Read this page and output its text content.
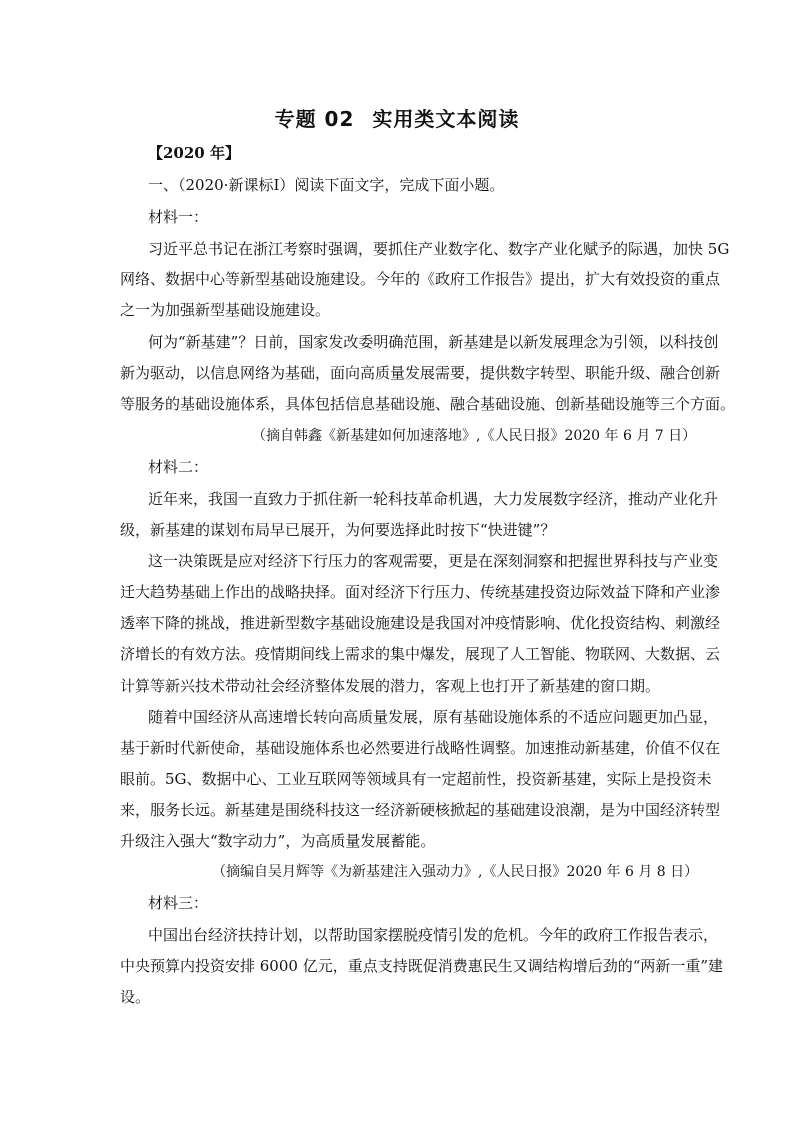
专题 02 实用类文本阅读
【2020 年】
一、（2020·新课标Ⅰ）阅读下面文字，完成下面小题。
材料一：
习近平总书记在浙江考察时强调，要抓住产业数字化、数字产业化赋予的际遇，加快 5G
网络、数据中心等新型基础设施建设。今年的《政府工作报告》提出，扩大有效投资的重点
之一为加强新型基础设施建设。
何为“新基建”？日前，国家发改委明确范围，新基建是以新发展理念为引领，以科技创
新为驱动，以信息网络为基础，面向高质量发展需要，提供数字转型、职能升级、融合创新
等服务的基础设施体系，具体包括信息基础设施、融合基础设施、创新基础设施等三个方面。
（摘自韩鑫《新基建如何加速落地》,《人民日报》2020 年 6 月 7 日）
材料二：
近年来，我国一直致力于抓住新一轮科技革命机遇，大力发展数字经济，推动产业化升
级，新基建的谋划布局早已展开，为何要选择此时按下“快进键”？
这一决策既是应对经济下行压力的客观需要，更是在深刻洞察和把握世界科技与产业变
迁大趋势基础上作出的战略抉择。面对经济下行压力、传统基建投资边际效益下降和产业渗
透率下降的挑战，推进新型数字基础设施建设是我国对冲疫情影响、优化投资结构、刺激经
济增长的有效方法。疫情期间线上需求的集中爆发，展现了人工智能、物联网、大数据、云
计算等新兴技术带动社会经济整体发展的潜力，客观上也打开了新基建的窗口期。
随着中国经济从高速增长转向高质量发展，原有基础设施体系的不适应问题更加凸显，
基于新时代新使命，基础设施体系也必然要进行战略性调整。加速推动新基建，价值不仅在
眼前。5G、数据中心、工业互联网等领域具有一定超前性，投资新基建，实际上是投资未
来，服务长远。新基建是围绕科技这一经济新硬核掀起的基础建设浪潮，是为中国经济转型
升级注入强大“数字动力”，为高质量发展蓄能。
（摘编自吴月辉等《为新基建注入强动力》,《人民日报》2020 年 6 月 8 日）
材料三：
中国出台经济扶持计划，以帮助国家摆脱疫情引发的危机。今年的政府工作报告表示，
中央预算内投资安排 6000 亿元，重点支持既促消费惠民生又调结构增后劲的“两新一重”建
设。
